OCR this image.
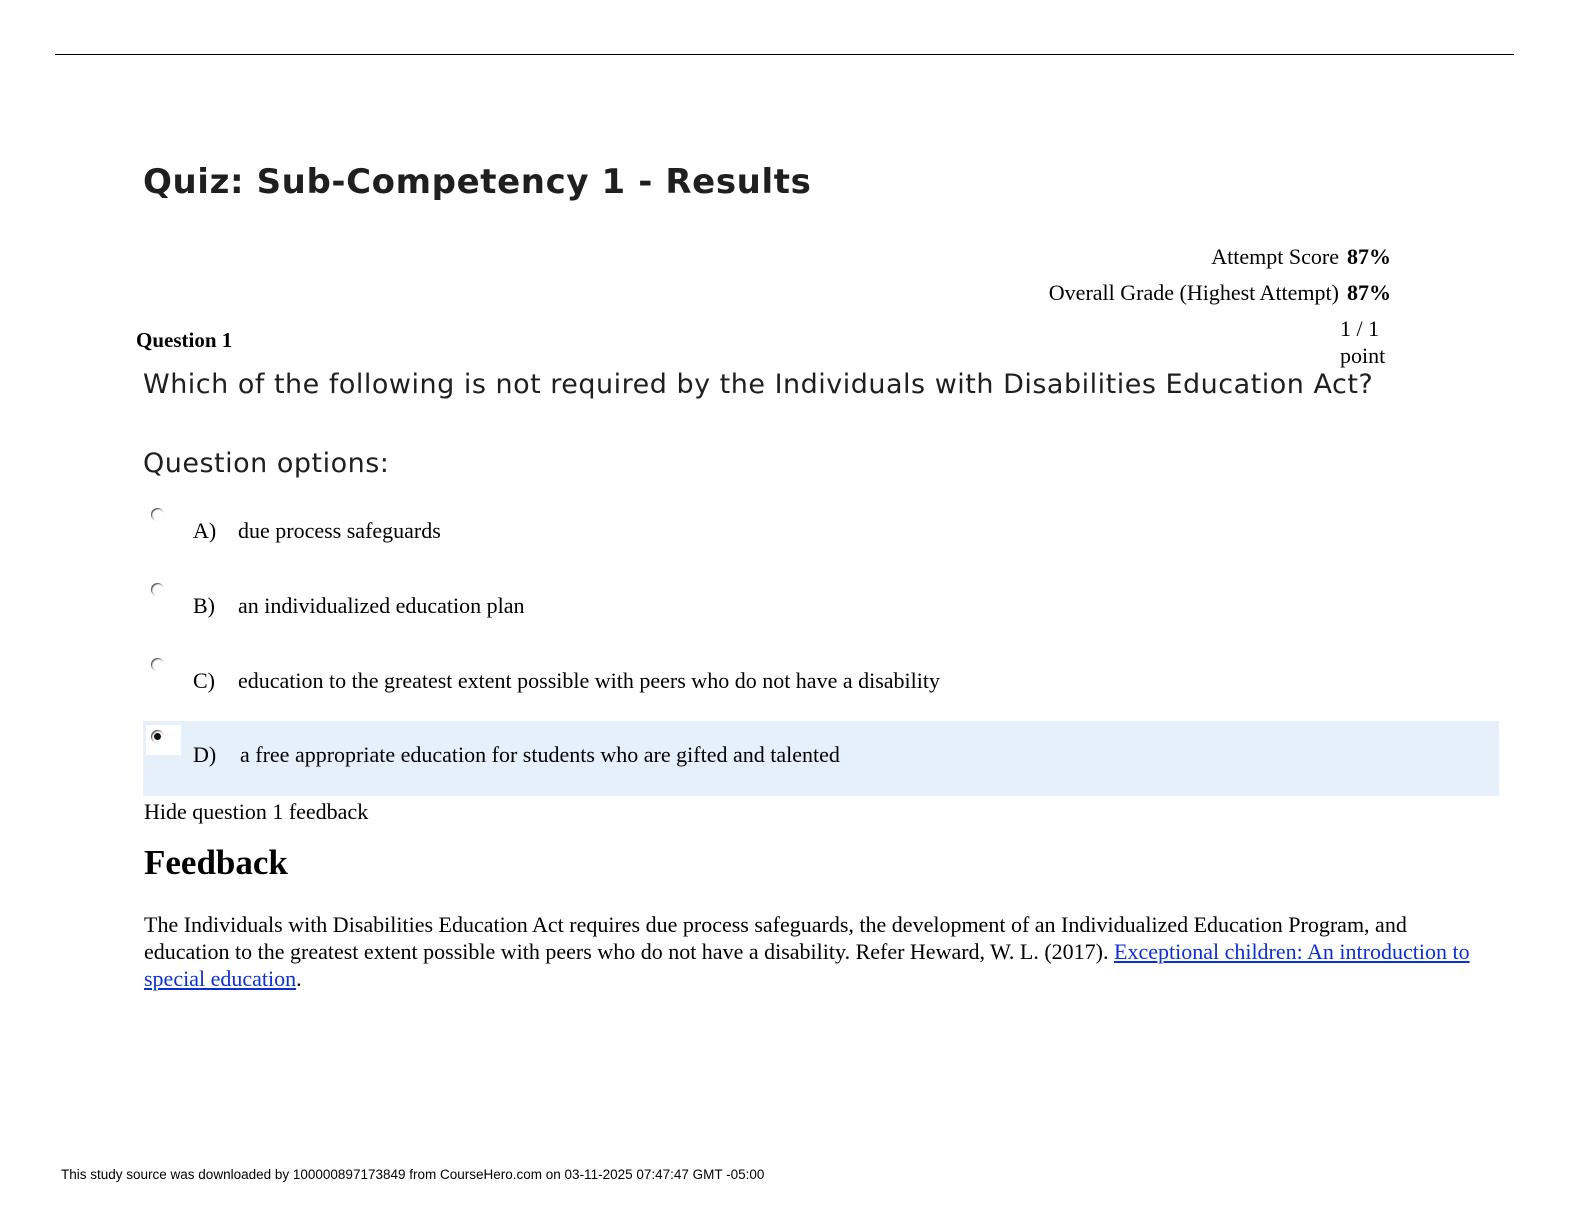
Quiz: Sub-Competency 1 - Results
Attempt Score 87%
Overall Grade (Highest Attempt) 87%
Question 1	1 / 1
point
Which of the following is not required by the Individuals with Disabilities Education Act?
Question options:
A) due process safeguards
B) an individualized education plan
C) education to the greatest extent possible with peers who do not have a disability
D) a free appropriate education for students who are gifted and talented
Hide question 1 feedback
Feedback

The Individuals with Disabilities Education Act requires due process safeguards, the development of an Individualized Education Program, and education to the greatest extent possible with peers who do not have a disability. Refer Heward, W. L. (2017). Exceptional children: An introduction to special education.

This study source was downloaded by 100000897173849 from CourseHero.com on 03-11-2025 07:47:47 GMT -05:00
